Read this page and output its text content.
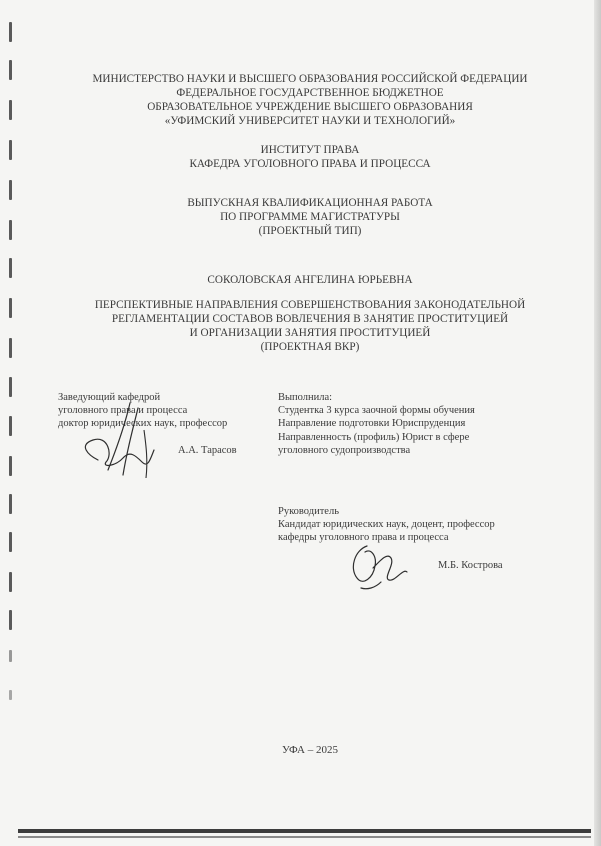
МИНИСТЕРСТВО НАУКИ И ВЫСШЕГО ОБРАЗОВАНИЯ РОССИЙСКОЙ ФЕДЕРАЦИИ
ФЕДЕРАЛЬНОЕ ГОСУДАРСТВЕННОЕ БЮДЖЕТНОЕ
ОБРАЗОВАТЕЛЬНОЕ УЧРЕЖДЕНИЕ ВЫСШЕГО ОБРАЗОВАНИЯ
«УФИМСКИЙ УНИВЕРСИТЕТ НАУКИ И ТЕХНОЛОГИЙ»
ИНСТИТУТ ПРАВА
КАФЕДРА УГОЛОВНОГО ПРАВА И ПРОЦЕССА
ВЫПУСКНАЯ КВАЛИФИКАЦИОННАЯ РАБОТА
ПО ПРОГРАММЕ МАГИСТРАТУРЫ
(ПРОЕКТНЫЙ ТИП)
СОКОЛОВСКАЯ АНГЕЛИНА ЮРЬЕВНА
ПЕРСПЕКТИВНЫЕ НАПРАВЛЕНИЯ СОВЕРШЕНСТВОВАНИЯ ЗАКОНОДАТЕЛЬНОЙ
РЕГЛАМЕНТАЦИИ СОСТАВОВ ВОВЛЕЧЕНИЯ В ЗАНЯТИЕ ПРОСТИТУЦИЕЙ
И ОРГАНИЗАЦИИ ЗАНЯТИЯ ПРОСТИТУЦИЕЙ
(ПРОЕКТНАЯ ВКР)
Заведующий кафедрой
уголовного права и процесса
доктор юридических наук, профессор
А.А. Тарасов
Выполнила:
Студентка 3 курса заочной формы обучения
Направление подготовки Юриспруденция
Направленность (профиль) Юрист в сфере
уголовного судопроизводства
Руководитель
Кандидат юридических наук, доцент, профессор
кафедры уголовного права и процесса
М.Б. Кострова
УФА – 2025
